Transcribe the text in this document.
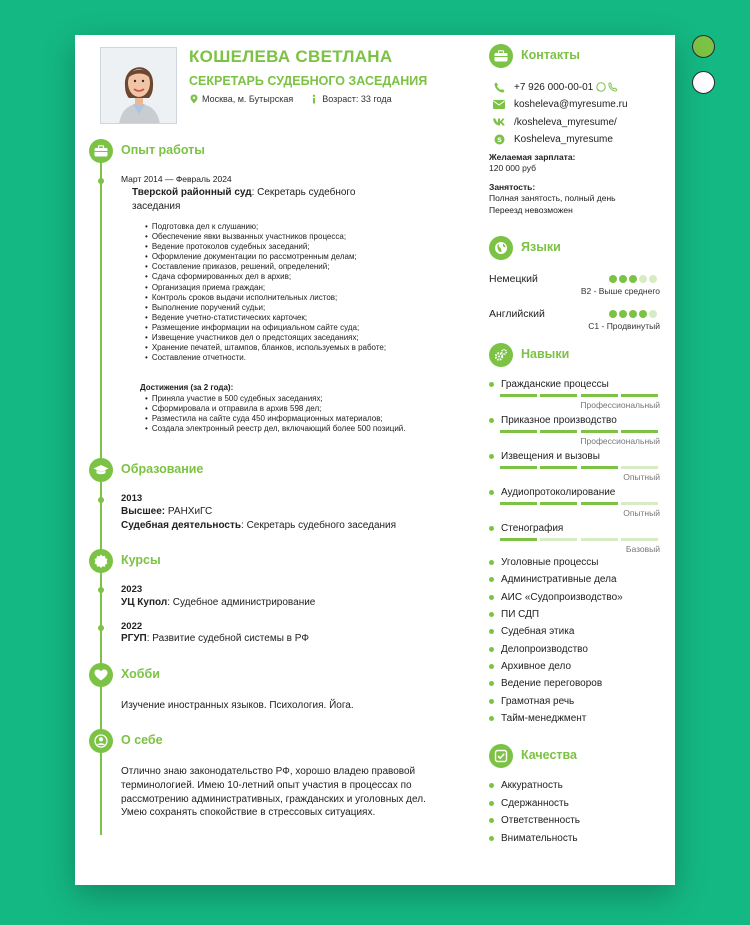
КОШЕЛЕВА СВЕТЛАНА
СЕКРЕТАРЬ СУДЕБНОГО ЗАСЕДАНИЯ
Москва, м. Бутырская	Возраст: 33 года
Опыт работы
Март 2014 — Февраль 2024
Тверской районный суд: Секретарь судебного
заседания
• Подготовка дел к слушанию;
• Обеспечение явки вызванных участников процесса;
• Ведение протоколов судебных заседаний;
• Оформление документации по рассмотренным делам;
• Составление приказов, решений, определений;
• Сдача сформированных дел в архив;
• Организация приема граждан;
• Контроль сроков выдачи исполнительных листов;
• Выполнение поручений судьи;
• Ведение учетно-статистических карточек;
• Размещение информации на официальном сайте суда;
• Извещение участников дел о предстоящих заседаниях;
• Хранение печатей, штампов, бланков, используемых в работе;
• Составление отчетности.
Достижения (за 2 года):
• Приняла участие в 500 судебных заседаниях;
• Сформировала и отправила в архив 598 дел;
• Разместила на сайте суда 450 информационных материалов;
• Создала электронный реестр дел, включающий более 500 позиций.
Образование
2013
Высшее: РАНХиГС
Судебная деятельность: Секретарь судебного заседания
Курсы
2023
УЦ Купол: Судебное администрирование
2022
РГУП: Развитие судебной системы в РФ
Хобби
Изучение иностранных языков. Психология. Йога.
О себе
Отлично знаю законодательство РФ, хорошо владею правовой
терминологией. Имею 10-летний опыт участия в процессах по
рассмотрению административных, гражданских и уголовных дел.
Умею сохранять спокойствие в стрессовых ситуациях.
Контакты
+7 926 000-00-01
kosheleva@myresume.ru
/kosheleva_myresume/
s Kosheleva_myresume
Желаемая зарплата:
120 000 руб
Занятость:
Полная занятость, полный день
Переезд невозможен
Языки
Немецкий
B2 - Выше среднего
Английский
C1 - Продвинутый
Навыки
Гражданские процессы
Профессиональный
Приказное производство
Профессиональный
Извещения и вызовы
Опытный
Аудиопротоколирование
Опытный
Стенография
Базовый
Уголовные процессы
Административные дела
АИС «Судопроизводство»
ПИ СДП
Судебная этика
Делопроизводство
Архивное дело
Ведение переговоров
Грамотная речь
Тайм-менеджмент
Качества
Аккуратность
Сдержанность
Ответственность
Внимательность
